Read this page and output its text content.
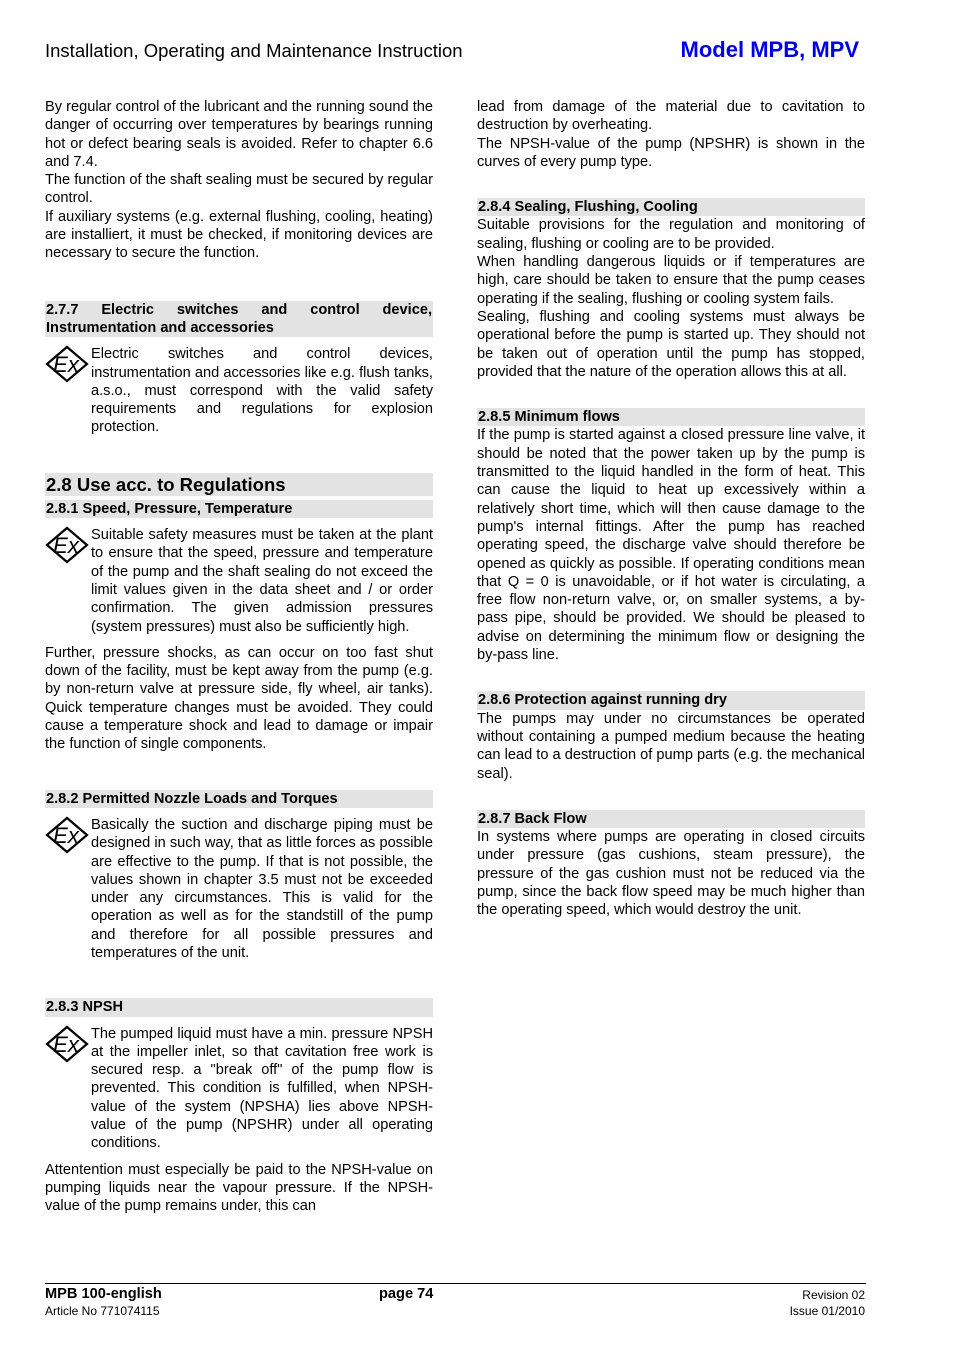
Installation, Operating and Maintenance Instruction	Model MPB, MPV

By regular control of the lubricant and the running sound the danger of occurring over temperatures by bearings running hot or defect bearing seals is avoided. Refer to chapter 6.6 and 7.4.

The function of the shaft sealing must be secured by regular control.

If auxiliary systems (e.g. external flushing, cooling, heating) are installiert, it must be checked, if monitoring devices are necessary to secure the function.

2.7.7 Electric switches and control device, Instrumentation and accessories
Ex Electric switches and control devices, instrumentation and accessories like e.g. flush tanks, a.s.o., must correspond with the valid safety requirements and regulations for explosion protection.

2.8 Use acc. to Regulations
2.8.1 Speed, Pressure, Temperature
Ex Suitable safety measures must be taken at the plant to ensure that the speed, pressure and temperature of the pump and the shaft sealing do not exceed the limit values given in the data sheet and / or order confirmation. The given admission pressures (system pressures) must also be sufficiently high.

Further, pressure shocks, as can occur on too fast shut down of the facility, must be kept away from the pump (e.g. by non-return valve at pressure side, fly wheel, air tanks). Quick temperature changes must be avoided. They could cause a temperature shock and lead to damage or impair the function of single components.

2.8.2 Permitted Nozzle Loads and Torques
Ex Basically the suction and discharge piping must be designed in such way, that as little forces as possible are effective to the pump. If that is not possible, the values shown in chapter 3.5 must not be exceeded under any circumstances. This is valid for the operation as well as for the standstill of the pump and therefore for all possible pressures and temperatures of the unit.

2.8.3 NPSH
Ex The pumped liquid must have a min. pressure NPSH at the impeller inlet, so that cavitation free work is secured resp. a "break off" of the pump flow is prevented. This condition is fulfilled, when NPSH-value of the system (NPSHA) lies above NPSH-value of the pump (NPSHR) under all operating conditions.

Attentention must especially be paid to the NPSH-value on pumping liquids near the vapour pressure. If the NPSH-value of the pump remains under, this can

lead from damage of the material due to cavitation to destruction by overheating.

The NPSH-value of the pump (NPSHR) is shown in the curves of every pump type.

2.8.4 Sealing, Flushing, Cooling

Suitable provisions for the regulation and monitoring of sealing, flushing or cooling are to be provided.

When handling dangerous liquids or if temperatures are high, care should be taken to ensure that the pump ceases operating if the sealing, flushing or cooling system fails.

Sealing, flushing and cooling systems must always be operational before the pump is started up. They should not be taken out of operation until the pump has stopped, provided that the nature of the operation allows this at all.

2.8.5 Minimum flows

If the pump is started against a closed pressure line valve, it should be noted that the power taken up by the pump is transmitted to the liquid handled in the form of heat. This can cause the liquid to heat up excessively within a relatively short time, which will then cause damage to the pump's internal fittings. After the pump has reached operating speed, the discharge valve should therefore be opened as quickly as possible. If operating conditions mean that Q = 0 is unavoidable, or if hot water is circulating, a free flow non-return valve, or, on smaller systems, a by-pass pipe, should be provided. We should be pleased to advise on determining the minimum flow or designing the by-pass line.

2.8.6 Protection against running dry

The pumps may under no circumstances be operated without containing a pumped medium because the heating can lead to a destruction of pump parts (e.g. the mechanical seal).

2.8.7 Back Flow

In systems where pumps are operating in closed circuits under pressure (gas cushions, steam pressure), the pressure of the gas cushion must not be reduced via the pump, since the back flow speed may be much higher than the operating speed, which would destroy the unit.

MPB 100-english
Article No 771074115
page 74	Revision 02
Issue 01/2010
